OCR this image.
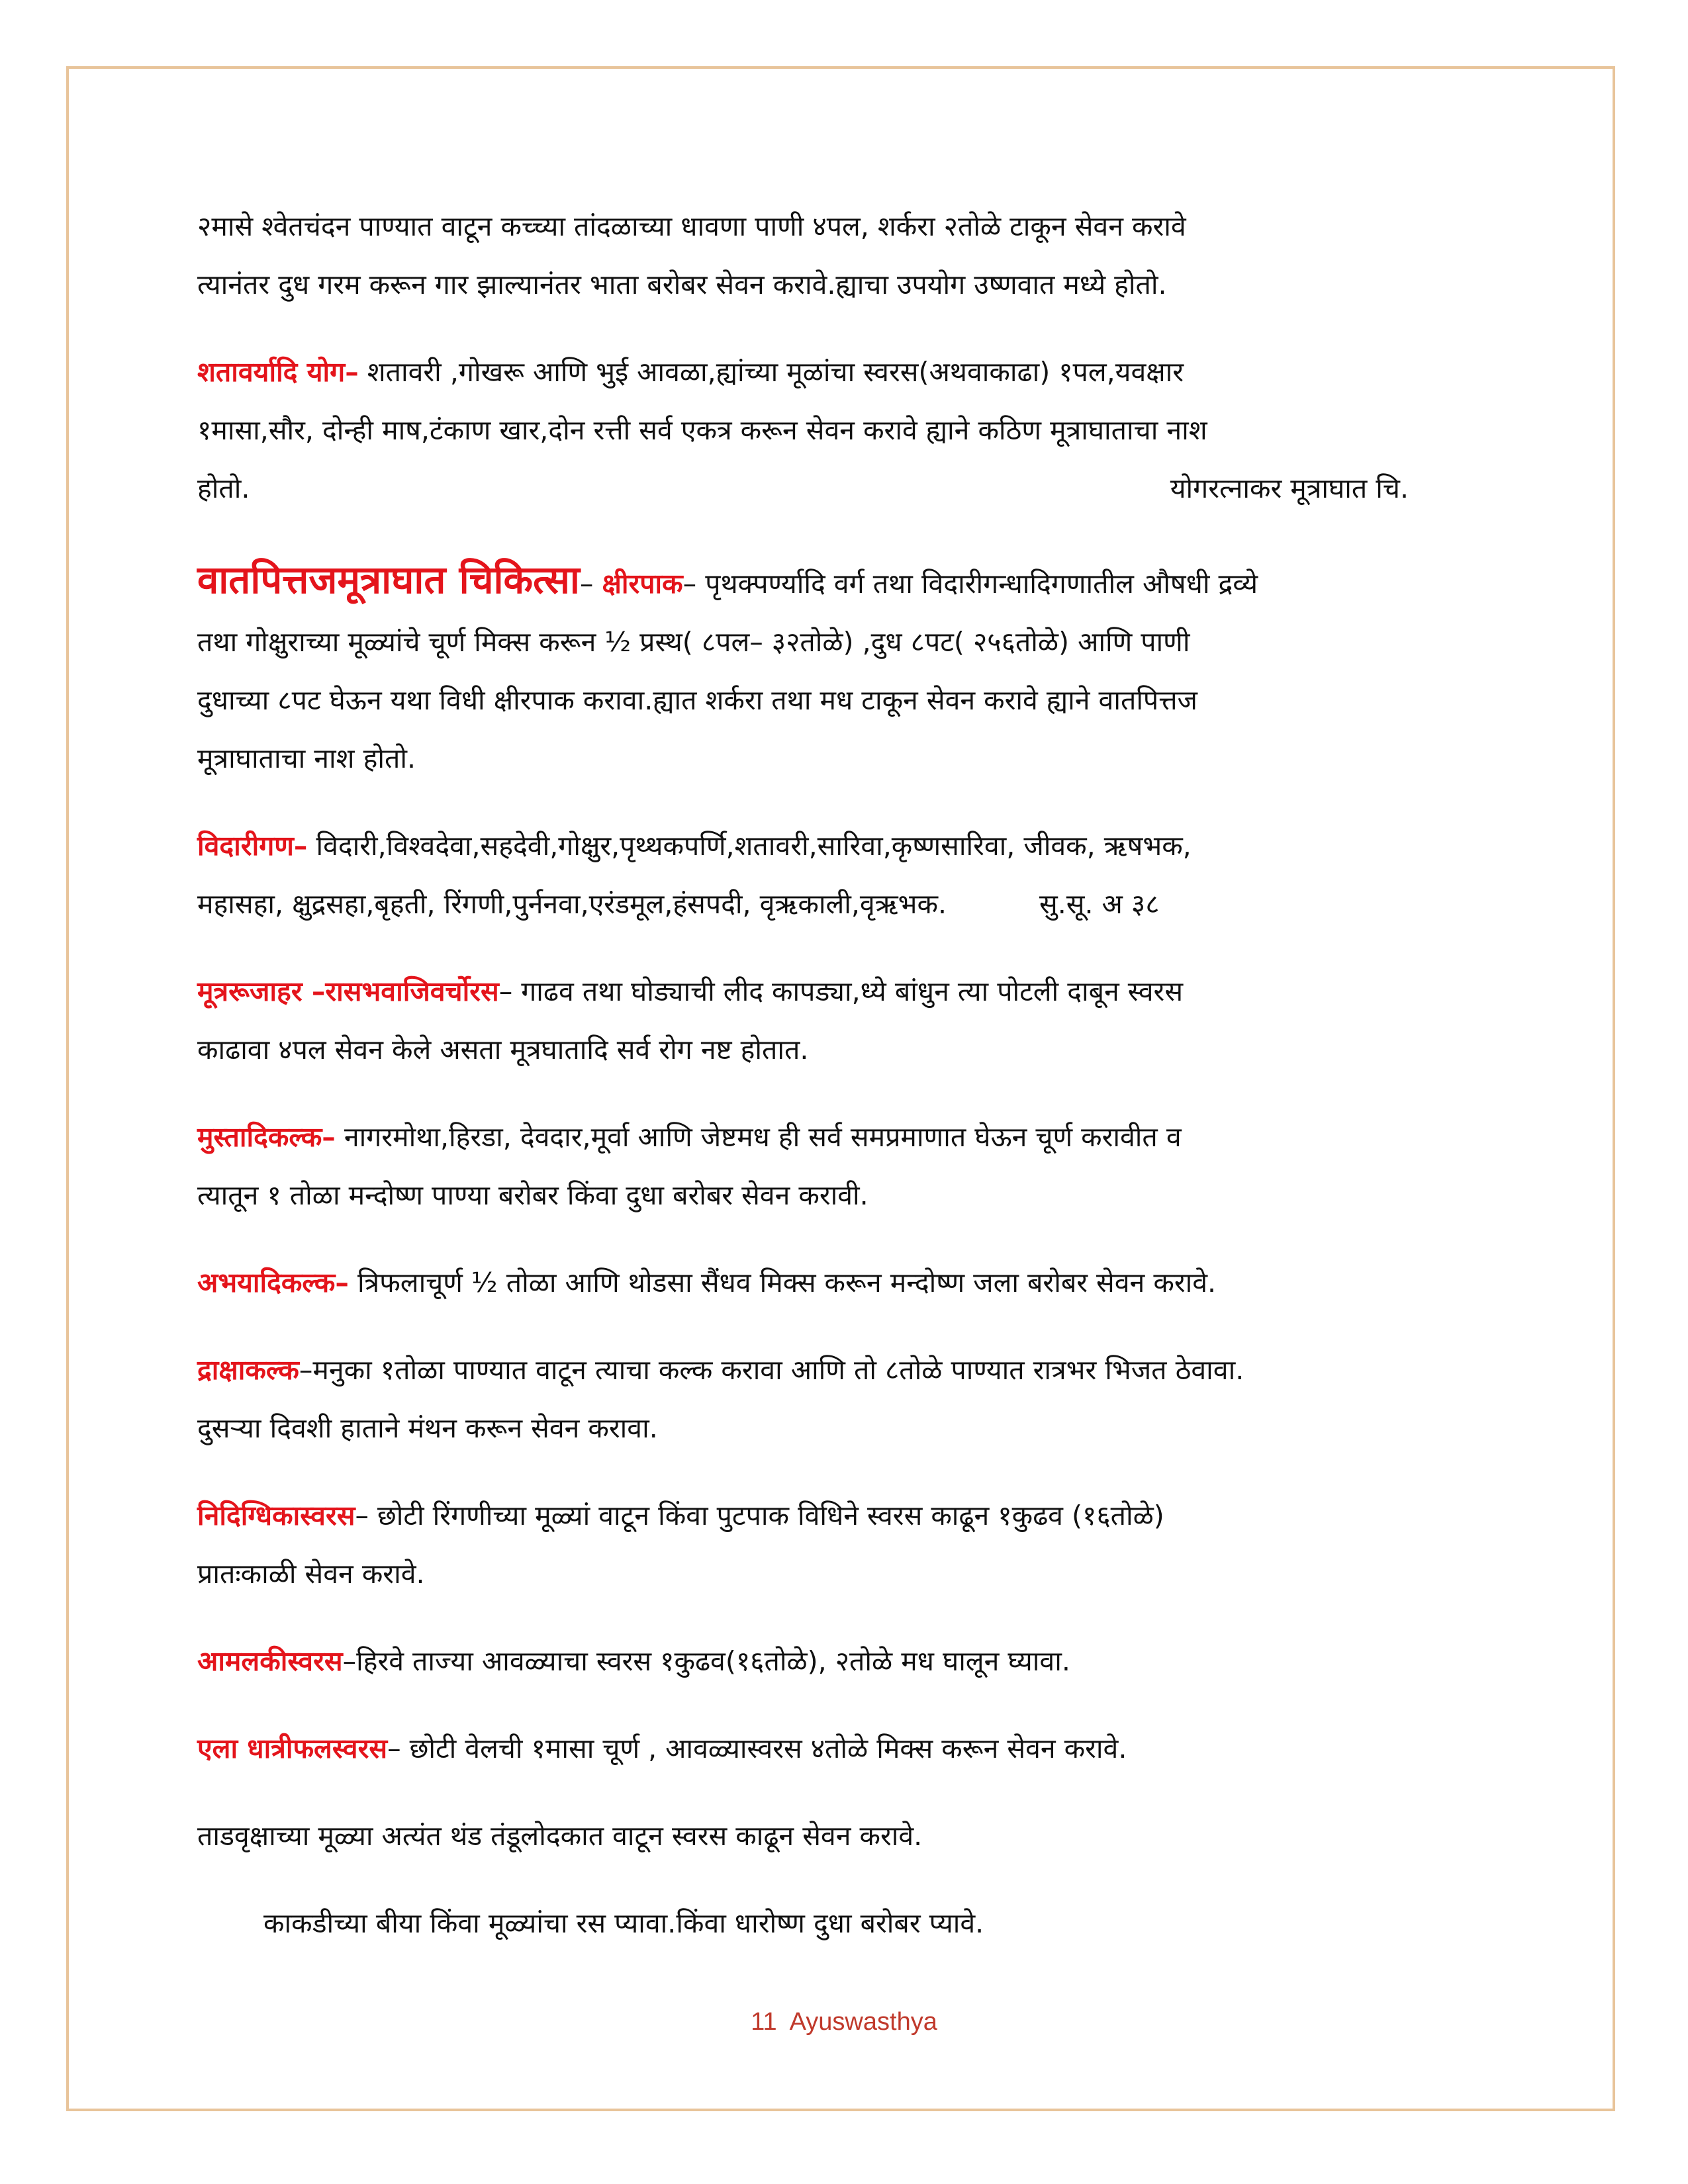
२मासे श्वेतचंदन पाण्यात वाटून कच्च्या तांदळाच्या धावणा पाणी ४पल, शर्करा २तोळे टाकून सेवन करावे
त्यानंतर दुध गरम करून गार झाल्यानंतर भाता बरोबर सेवन करावे.ह्याचा उपयोग उष्णवात मध्ये होतो.

शतावर्यादि योग– शतावरी ,गोखरू आणि भुई आवळा,ह्यांच्या मूळांचा स्वरस(अथवाकाढा) १पल,यवक्षार
१मासा,सौर, दोन्ही माष,टंकाण खार,दोन रत्ती सर्व एकत्र करून सेवन करावे ह्याने कठिण मूत्राघाताचा नाश
होतो.	योगरत्नाकर मूत्राघात चि.

वातपित्तजमूत्राघात चिकित्सा– क्षीरपाक– पृथक्पर्ण्यादि वर्ग तथा विदारीगन्धादिगणातील औषधी द्रव्ये
तथा गोक्षुराच्या मूळ्यांचे चूर्ण मिक्स करून ½ प्रस्थ( ८पल– ३२तोळे) ,दुध ८पट( २५६तोळे) आणि पाणी
दुधाच्या ८पट घेऊन यथा विधी क्षीरपाक करावा.ह्यात शर्करा तथा मध टाकून सेवन करावे ह्याने वातपित्तज
मूत्राघाताचा नाश होतो.

विदारीगण– विदारी,विश्वदेवा,सहदेवी,गोक्षुर,पृथ्थकपर्णि,शतावरी,सारिवा,कृष्णसारिवा, जीवक, ऋषभक,
महासहा, क्षुद्रसहा,बृहती, रिंगणी,पुर्ननवा,एरंडमूल,हंसपदी, वृऋकाली,वृऋभक.	सु.सू. अ ३८

मूत्ररूजाहर –रासभवाजिवर्चोरस– गाढव तथा घोड्याची लीद कापड्या,ध्ये बांधुन त्या पोटली दाबून स्वरस
काढावा ४पल सेवन केले असता मूत्रघातादि सर्व रोग नष्ट होतात.

मुस्तादिकल्क– नागरमोथा,हिरडा, देवदार,मूर्वा आणि जेष्टमध ही सर्व समप्रमाणात घेऊन चूर्ण करावीत व
त्यातून १ तोळा मन्दोष्ण पाण्या बरोबर किंवा दुधा बरोबर सेवन करावी.

अभयादिकल्क– त्रिफलाचूर्ण ½ तोळा आणि थोडसा सैंधव मिक्स करून मन्दोष्ण जला बरोबर सेवन करावे.

द्राक्षाकल्क–मनुका १तोळा पाण्यात वाटून त्याचा कल्क करावा आणि तो ८तोळे पाण्यात रात्रभर भिजत ठेवावा.
दुसऱ्या दिवशी हाताने मंथन करून सेवन करावा.

निदिग्धिकास्वरस– छोटी रिंगणीच्या मूळ्यां वाटून किंवा पुटपाक विधिने स्वरस काढून १कुढव (१६तोळे)
प्रातःकाळी सेवन करावे.

आमलकीस्वरस–हिरवे ताज्या आवळ्याचा स्वरस १कुढव(१६तोळे), २तोळे मध घालून घ्यावा.

एला धात्रीफलस्वरस– छोटी वेलची १मासा चूर्ण , आवळ्यास्वरस ४तोळे मिक्स करून सेवन करावे.

ताडवृक्षाच्या मूळ्या अत्यंत थंड तंडूलोदकात वाटून स्वरस काढून सेवन करावे.

काकडीच्या बीया किंवा मूळ्यांचा रस प्यावा.किंवा धारोष्ण दुधा बरोबर प्यावे.

11 Ayuswasthya
